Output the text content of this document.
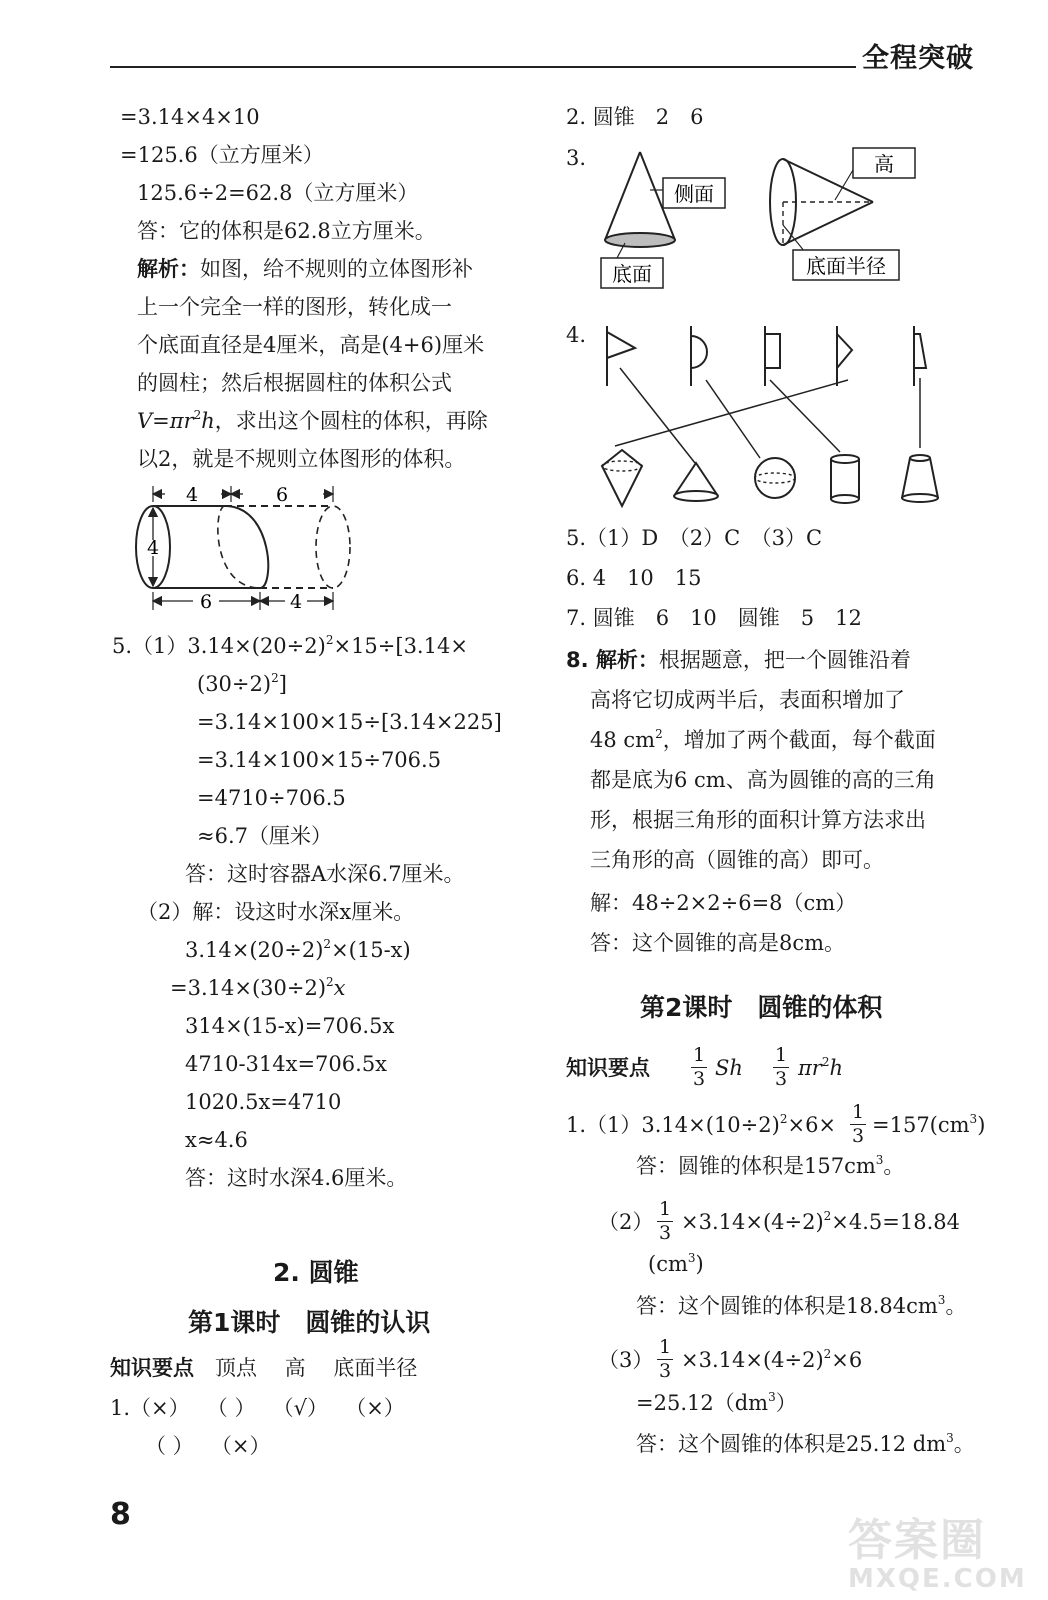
全程突破
=3.14×4×10
=125.6（立方厘米）
125.6÷2=62.8（立方厘米）
答：它的体积是62.8立方厘米。
解析：如图，给不规则的立体图形补
上一个完全一样的图形，转化成一
个底面直径是4厘米，高是(4+6)厘米
的圆柱；然后根据圆柱的体积公式
$V=\pi r^2h$，求出这个圆柱的体积，再除
以2，就是不规则立体图形的体积。
4	6
4
6	4
$5.(1)3.14\times(20\div 2)^2\times 15\div[3.14\times$
$(30\div 2)^2$]
=3.14×100×15÷[3.14×225]
=3.14×100×15÷706.5
=4710÷706.5
≈6.7（厘米）
答：这时容器A水深6.7厘米。
（2）解：设这时水深x厘米。
$3.14\times(20\div 2)^2\times(15-x)$
$=3.14\times(30\div 2)^2x$
314×(15-x)=706.5x
4710-314x=706.5x
1020.5x=4710
x≈4.6
答：这时水深4.6厘米。
2. 圆锥
第1课时　圆锥的认识
知识要点　 顶点　 高　 底面半径
1.（×）　 （ ）　 （√）　 （×）
（ ）　 （×）
2. 圆锥　2　6
3.
侧面
底面
高
底面半径
4.
5.（1）D　（2）C　（3）C
6. 4　10　15
7. 圆锥　6　10　圆锥　5　12
8. 解析：根据题意，把一个圆锥沿着
高将它切成两半后，表面积增加了
48 $cm^2$，增加了两个截面，每个截面
都是底为6 cm、高为圆锥的高的三角
形，根据三角形的面积计算方法求出
三角形的高（圆锥的高）即可。
解：48÷2×2÷6=8（cm）
答：这个圆锥的高是8cm。
第2课时　圆锥的体积
知识要点
1
3 Sh
1
3 $\pi r^2h$
$1.(1)3.14\times(10\div 2)^2\times 6\times$
1
$3 =157(cm^3)$
答：圆锥的体积是$157cm^3$。
（2）
1
$3 \times 3.14\times(4\div 2)^2\times 4.5=18.84$
$(cm^3)$
答：这个圆锥的体积是$18.84cm^3$。
（3）
1
$3 \times 3.14\times(4\div 2)^2\times 6$
$=25.12(dm^3)$
答：这个圆锥的体积是25.12 $dm^3$。
8
答案圈
MXQE.COM
